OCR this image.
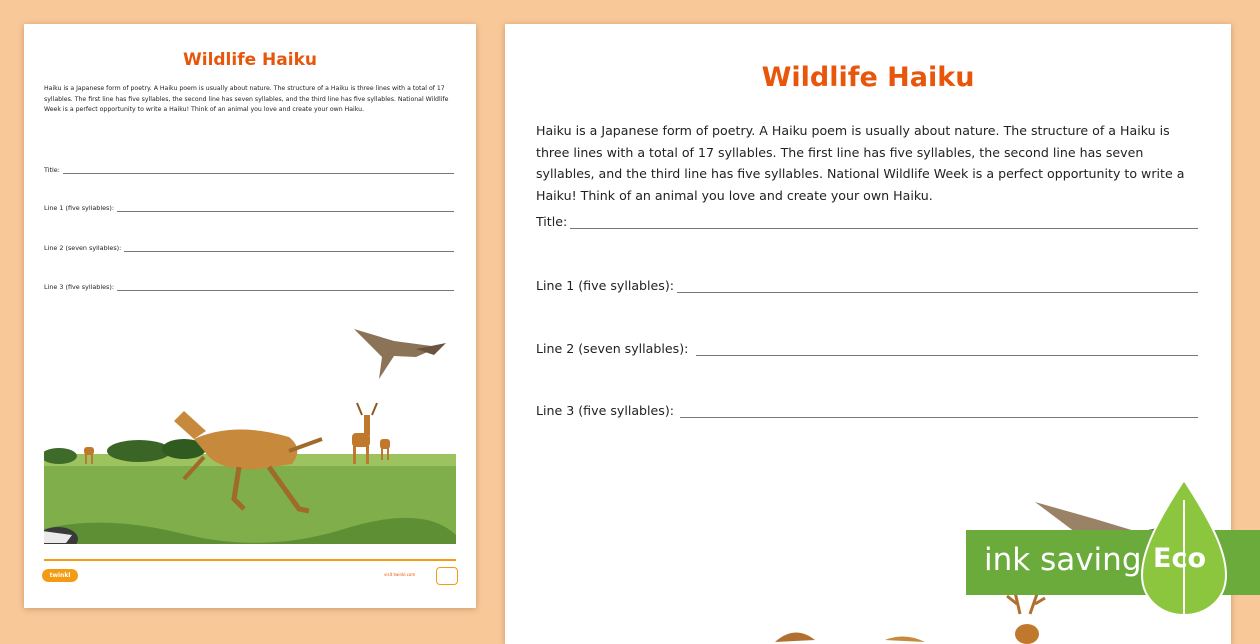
Wildlife Haiku

Haiku is a Japanese form of poetry. A Haiku poem is usually about nature. The structure of a Haiku is three lines with a total of 17 syllables. The first line has five syllables, the second line has seven syllables, and the third line has five syllables. National Wildlife Week is a perfect opportunity to write a Haiku! Think of an animal you love and create your own Haiku.

Title:
Line 1 (five syllables):
Line 2 (seven syllables):
Line 3 (five syllables):
twinkl	visit twinkl.com
Wildlife Haiku

Haiku is a Japanese form of poetry. A Haiku poem is usually about nature. The structure of a Haiku is three lines with a total of 17 syllables. The first line has five syllables, the second line has seven syllables, and the third line has five syllables. National Wildlife Week is a perfect opportunity to write a Haiku! Think of an animal you love and create your own Haiku.

Title:
Line 1 (five syllables):
Line 2 (seven syllables):
Line 3 (five syllables):
ink saving Eco
